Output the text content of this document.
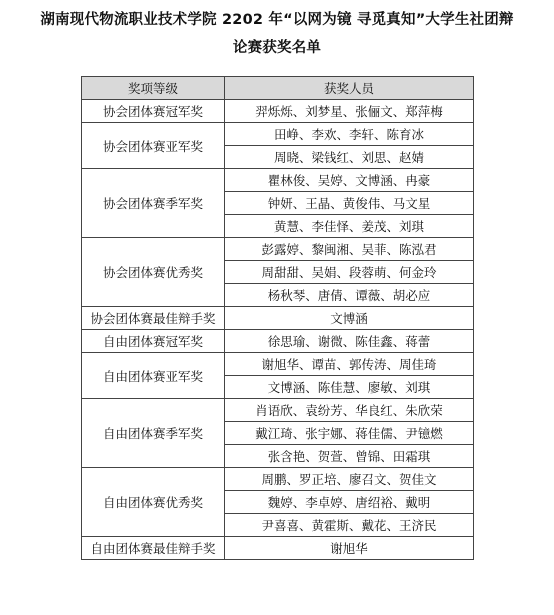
湖南现代物流职业技术学院 2202 年“以网为镜 寻觅真知”大学生社团辩
论赛获奖名单
奖项等级	获奖人员
协会团体赛冠军奖	羿烁烁、刘梦星、张俪文、郑萍梅
协会团体赛亚军奖	田峥、李欢、李轩、陈育冰
	周晓、梁钱红、刘思、赵婧
协会团体赛季军奖	瞿林俊、吴婷、文博涵、冉豪
	钟妍、王晶、黄俊伟、马文星
	黄慧、李佳怿、姜茂、刘琪
协会团体赛优秀奖	彭露婷、黎闽湘、吴菲、陈泓君
	周甜甜、吴娟、段蓉萌、何金玲
	杨秋琴、唐倩、谭薇、胡必应
协会团体赛最佳辩手奖	文博涵
自由团体赛冠军奖	徐思瑜、谢微、陈佳鑫、蒋蕾
自由团体赛亚军奖	谢旭华、谭苗、郭传涛、周佳琦
	文博涵、陈佳慧、廖敏、刘琪
自由团体赛季军奖	肖语欣、袁纷芳、华良红、朱欣荣
	戴江琦、张宇娜、蒋佳儒、尹镱燃
	张含艳、贺萱、曾锦、田霜琪
自由团体赛优秀奖	周鹏、罗正培、廖召文、贺佳文
	魏婷、李卓婷、唐绍裕、戴明
	尹喜喜、黄霍斯、戴花、王济民
自由团体赛最佳辩手奖	谢旭华
